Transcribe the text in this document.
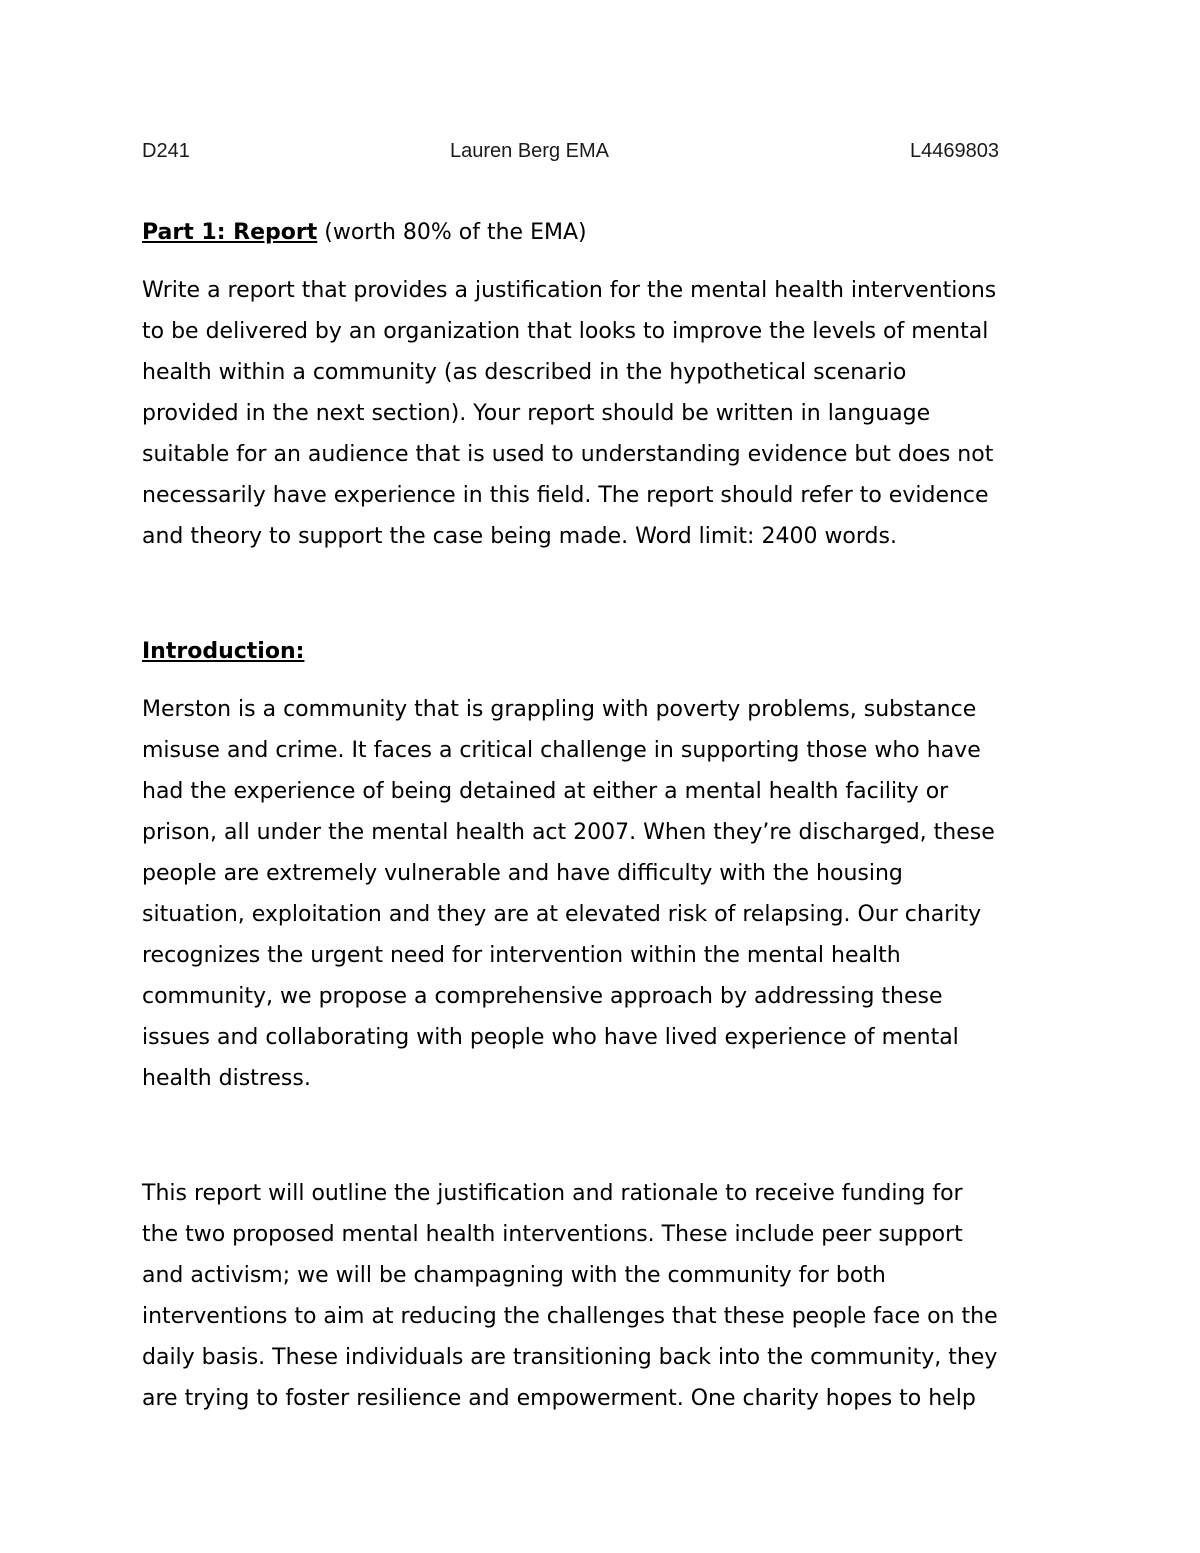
D241	Lauren Berg EMA	L4469803

Part 1: Report (worth 80% of the EMA)

Write a report that provides a justification for the mental health interventions
to be delivered by an organization that looks to improve the levels of mental
health within a community (as described in the hypothetical scenario
provided in the next section). Your report should be written in language
suitable for an audience that is used to understanding evidence but does not
necessarily have experience in this field. The report should refer to evidence
and theory to support the case being made. Word limit: 2400 words.

Introduction:

Merston is a community that is grappling with poverty problems, substance
misuse and crime. It faces a critical challenge in supporting those who have
had the experience of being detained at either a mental health facility or
prison, all under the mental health act 2007. When they’re discharged, these
people are extremely vulnerable and have difficulty with the housing
situation, exploitation and they are at elevated risk of relapsing. Our charity
recognizes the urgent need for intervention within the mental health
community, we propose a comprehensive approach by addressing these
issues and collaborating with people who have lived experience of mental
health distress.

This report will outline the justification and rationale to receive funding for
the two proposed mental health interventions. These include peer support
and activism; we will be champagning with the community for both
interventions to aim at reducing the challenges that these people face on the
daily basis. These individuals are transitioning back into the community, they
are trying to foster resilience and empowerment. One charity hopes to help
